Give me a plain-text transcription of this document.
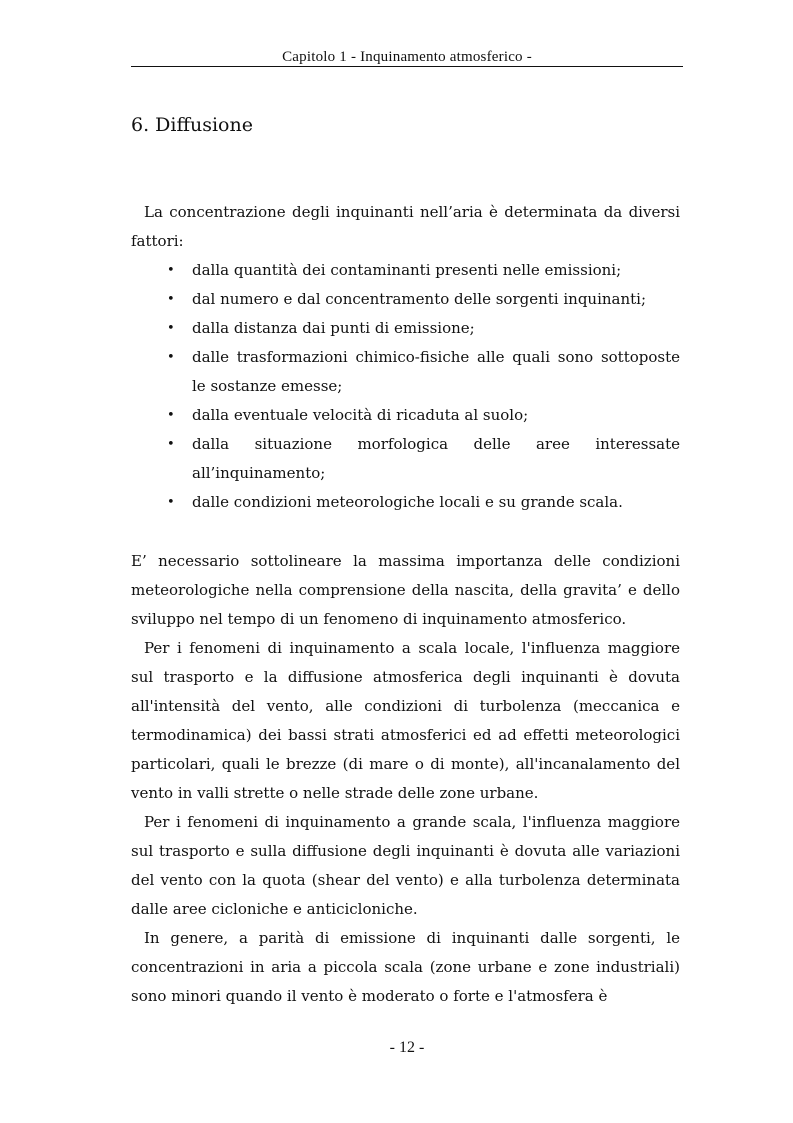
Capitolo 1 - Inquinamento atmosferico -
6. Diffusione

La concentrazione degli inquinanti nell’aria è determinata da diversi fattori:

• dalla quantità dei contaminanti presenti nelle emissioni;
• dal numero e dal concentramento delle sorgenti inquinanti;
• dalla distanza dai punti di emissione;
• dalle trasformazioni chimico-fisiche alle quali sono sottoposte le sostanze emesse;
• dalla eventuale velocità di ricaduta al suolo;
• dalla situazione morfologica delle aree interessate all’inquinamento;
• dalle condizioni meteorologiche locali e su grande scala.

E’ necessario sottolineare la massima importanza delle condizioni meteorologiche nella comprensione della nascita, della gravita’ e dello sviluppo nel tempo di un fenomeno di inquinamento atmosferico.

Per i fenomeni di inquinamento a scala locale, l'influenza maggiore sul trasporto e la diffusione atmosferica degli inquinanti è dovuta all'intensità del vento, alle condizioni di turbolenza (meccanica e termodinamica) dei bassi strati atmosferici ed ad effetti meteorologici particolari, quali le brezze (di mare o di monte), all'incanalamento del vento in valli strette o nelle strade delle zone urbane.

Per i fenomeni di inquinamento a grande scala, l'influenza maggiore sul trasporto e sulla diffusione degli inquinanti è dovuta alle variazioni del vento con la quota (shear del vento) e alla turbolenza determinata dalle aree cicloniche e anticicloniche.

In genere, a parità di emissione di inquinanti dalle sorgenti, le concentrazioni in aria a piccola scala (zone urbane e zone industriali) sono minori quando il vento è moderato o forte e l'atmosfera è

- 12 -
